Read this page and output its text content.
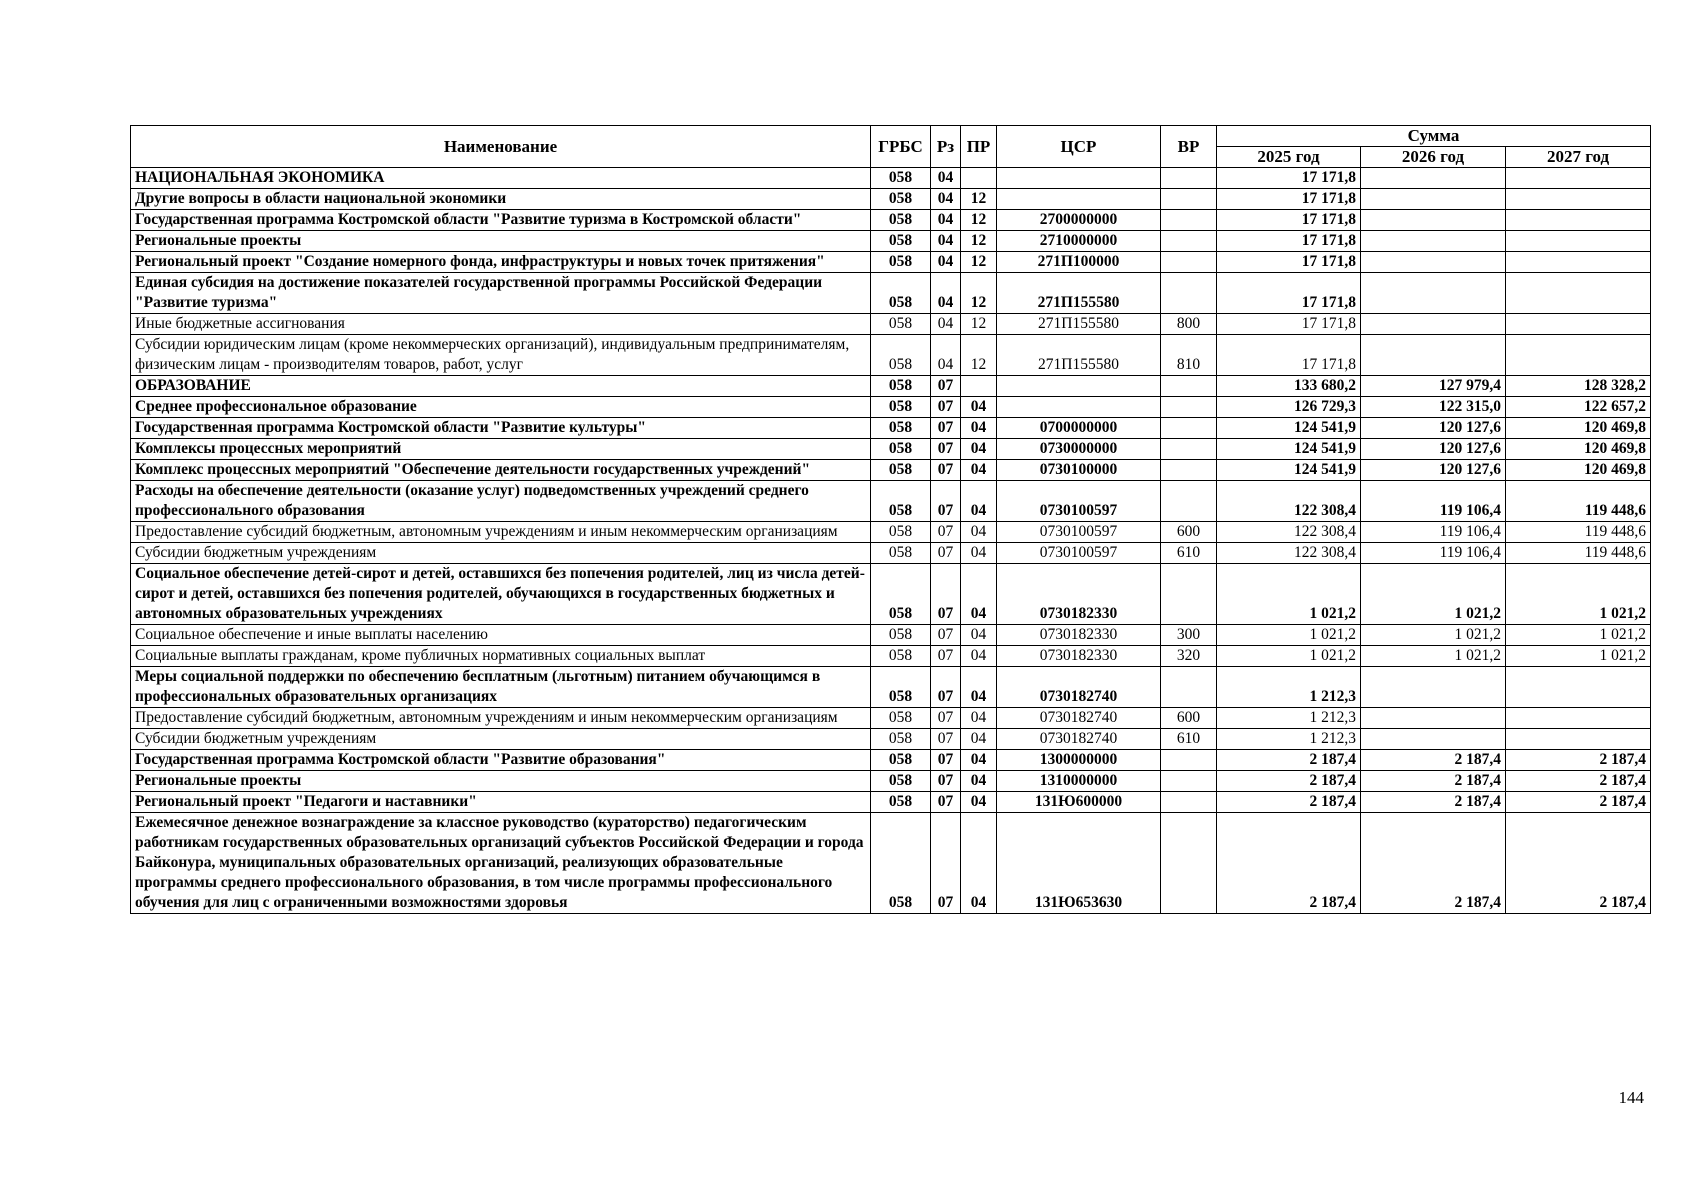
Наименование	ГРБС	Рз	ПР	ЦСР	ВР	Сумма		
						2025 год	2026 год	2027 год
НАЦИОНАЛЬНАЯ ЭКОНОМИКА	058	04				17 171,8		
Другие вопросы в области национальной экономики	058	04	12			17 171,8		
Государственная программа Костромской области "Развитие туризма в Костромской области"	058	04	12	2700000000		17 171,8		
Региональные проекты	058	04	12	2710000000		17 171,8		
Региональный проект "Создание номерного фонда, инфраструктуры и новых точек притяжения"	058	04	12	271П100000		17 171,8		
Единая субсидия на достижение показателей государственной программы Российской Федерации "Развитие туризма"	058	04	12	271П155580		17 171,8		
Иные бюджетные ассигнования	058	04	12	271П155580	800	17 171,8		
Субсидии юридическим лицам (кроме некоммерческих организаций), индивидуальным предпринимателям, физическим лицам - производителям товаров, работ, услуг	058	04	12	271П155580	810	17 171,8		
ОБРАЗОВАНИЕ	058	07				133 680,2	127 979,4	128 328,2
Среднее профессиональное образование	058	07	04			126 729,3	122 315,0	122 657,2
Государственная программа Костромской области "Развитие культуры"	058	07	04	0700000000		124 541,9	120 127,6	120 469,8
Комплексы процессных мероприятий	058	07	04	0730000000		124 541,9	120 127,6	120 469,8
Комплекс процессных мероприятий "Обеспечение деятельности государственных учреждений"	058	07	04	0730100000		124 541,9	120 127,6	120 469,8
Расходы на обеспечение деятельности (оказание услуг) подведомственных учреждений среднего профессионального образования	058	07	04	0730100597		122 308,4	119 106,4	119 448,6
Предоставление субсидий бюджетным, автономным учреждениям и иным некоммерческим организациям	058	07	04	0730100597	600	122 308,4	119 106,4	119 448,6
Субсидии бюджетным учреждениям	058	07	04	0730100597	610	122 308,4	119 106,4	119 448,6
Социальное обеспечение детей-сирот и детей, оставшихся без попечения родителей, лиц из числа детей-сирот и детей, оставшихся без попечения родителей, обучающихся в государственных бюджетных и автономных образовательных учреждениях	058	07	04	0730182330		1 021,2	1 021,2	1 021,2
Социальное обеспечение и иные выплаты населению	058	07	04	0730182330	300	1 021,2	1 021,2	1 021,2
Социальные выплаты гражданам, кроме публичных нормативных социальных выплат	058	07	04	0730182330	320	1 021,2	1 021,2	1 021,2
Меры социальной поддержки по обеспечению бесплатным (льготным) питанием обучающимся в профессиональных образовательных организациях	058	07	04	0730182740		1 212,3		
Предоставление субсидий бюджетным, автономным учреждениям и иным некоммерческим организациям	058	07	04	0730182740	600	1 212,3		
Субсидии бюджетным учреждениям	058	07	04	0730182740	610	1 212,3		
Государственная программа Костромской области "Развитие образования"	058	07	04	1300000000		2 187,4	2 187,4	2 187,4
Региональные проекты	058	07	04	1310000000		2 187,4	2 187,4	2 187,4
Региональный проект "Педагоги и наставники"	058	07	04	131Ю600000		2 187,4	2 187,4	2 187,4
Ежемесячное денежное вознаграждение за классное руководство (кураторство) педагогическим работникам государственных образовательных организаций субъектов Российской Федерации и города Байконура, муниципальных образовательных организаций, реализующих образовательные программы среднего профессионального образования, в том числе программы профессионального обучения для лиц с ограниченными возможностями здоровья	058	07	04	131Ю653630		2 187,4	2 187,4	2 187,4
144
